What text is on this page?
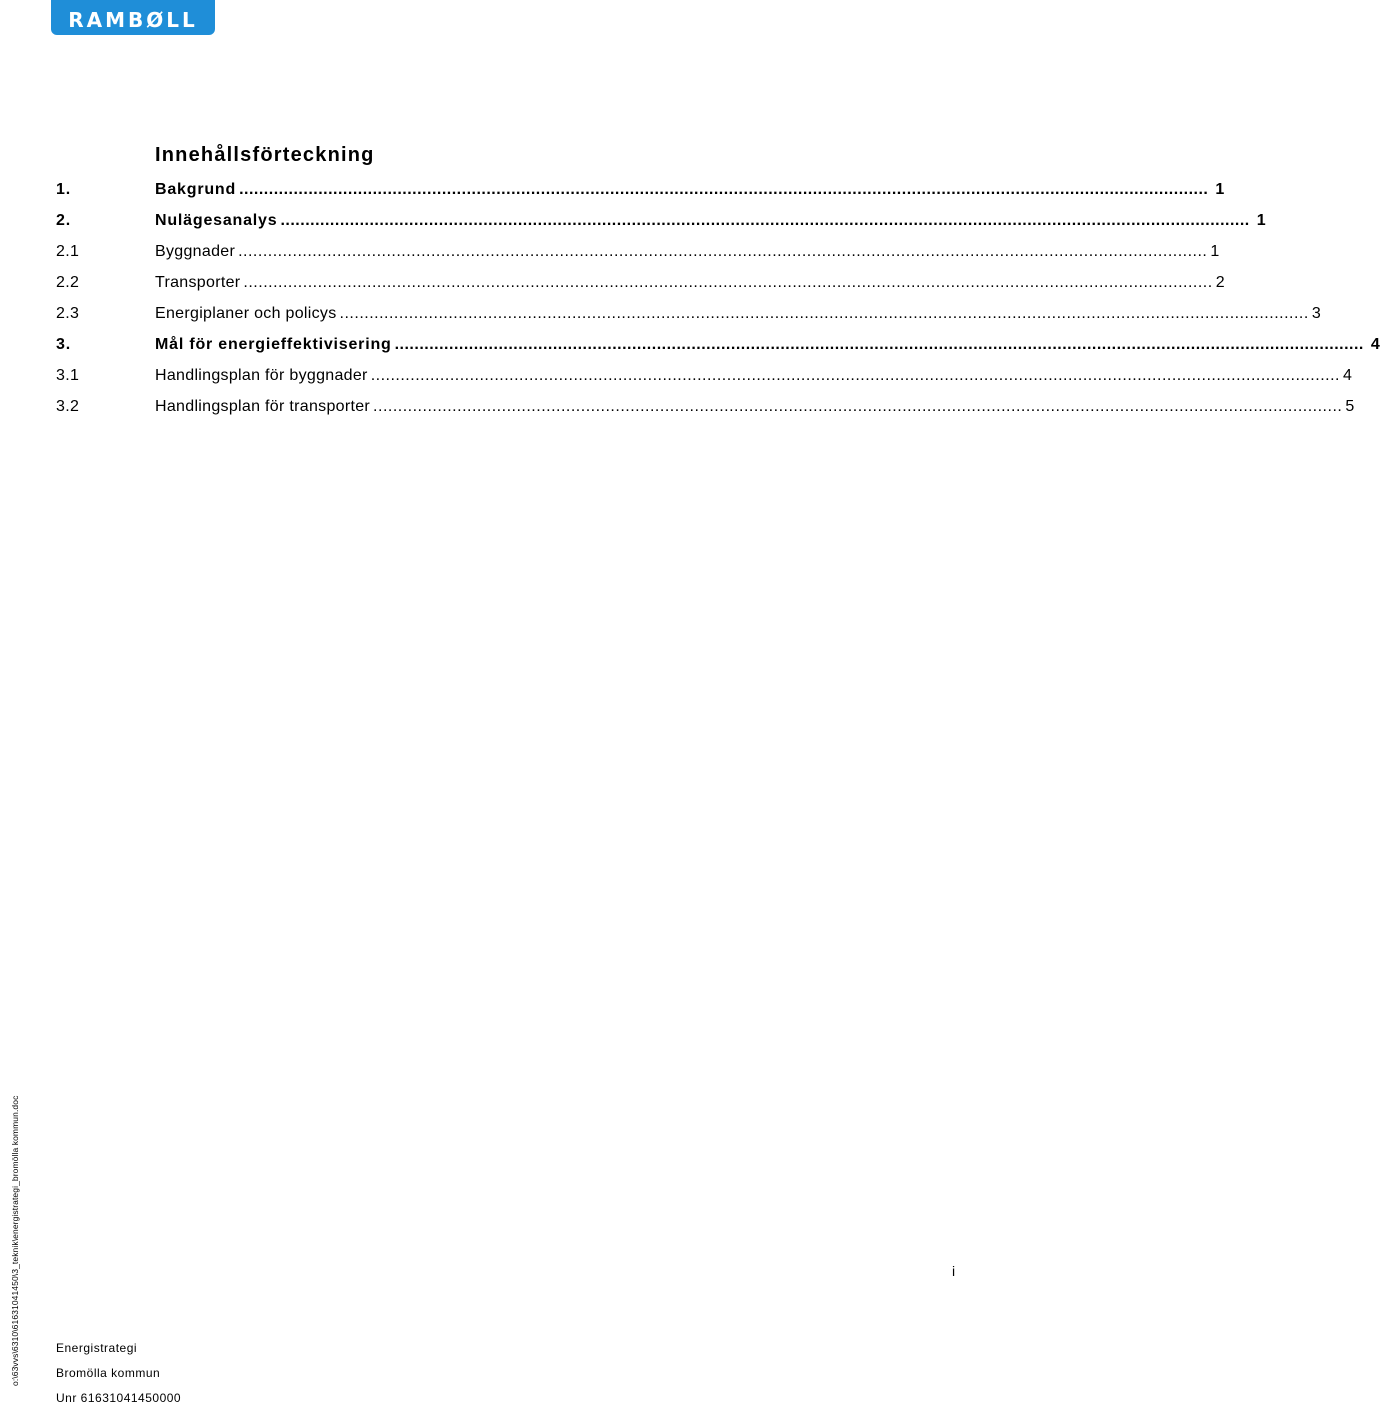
RAMBØLL
Innehållsförteckning
1.	Bakgrund .................................................................................................................................................................................................... 1
2.	Nulägesanalys .................................................................................................................................................................................................... 1
2.1	Byggnader .................................................................................................................................................................................................... 1
2.2	Transporter .................................................................................................................................................................................................... 2
2.3	Energiplaner och policys .................................................................................................................................................................................................... 3
3.	Mål för energieffektivisering .................................................................................................................................................................................................... 4
3.1	Handlingsplan för byggnader .................................................................................................................................................................................................... 4
3.2	Handlingsplan för transporter .................................................................................................................................................................................................... 5
o:\63vvs\6310\61631041450\3_teknik\energistrategi_bromölla kommun.doc	i
Energistrategi
Bromölla kommun
Unr 61631041450000
